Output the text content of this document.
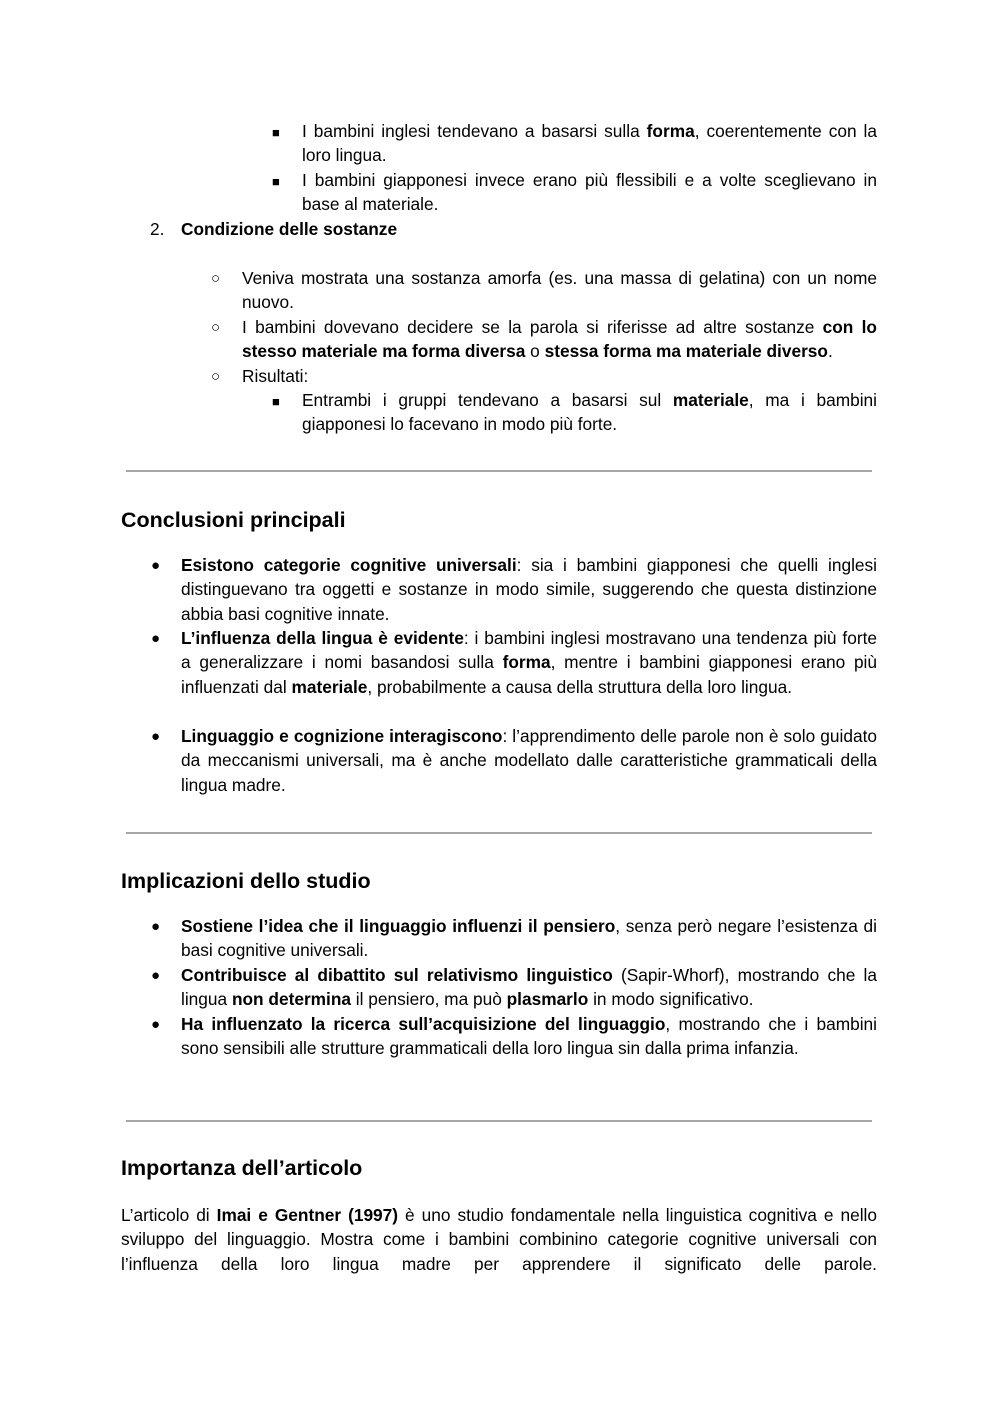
■ I bambini inglesi tendevano a basarsi sulla forma, coerentemente con la loro lingua.
■ I bambini giapponesi invece erano più flessibili e a volte sceglievano in base al materiale.
2. Condizione delle sostanze
○ Veniva mostrata una sostanza amorfa (es. una massa di gelatina) con un nome nuovo.
○ I bambini dovevano decidere se la parola si riferisse ad altre sostanze con lo stesso materiale ma forma diversa o stessa forma ma materiale diverso.
○ Risultati:
■ Entrambi i gruppi tendevano a basarsi sul materiale, ma i bambini giapponesi lo facevano in modo più forte.
Conclusioni principali
● Esistono categorie cognitive universali: sia i bambini giapponesi che quelli inglesi distinguevano tra oggetti e sostanze in modo simile, suggerendo che questa distinzione abbia basi cognitive innate.
● L’influenza della lingua è evidente: i bambini inglesi mostravano una tendenza più forte a generalizzare i nomi basandosi sulla forma, mentre i bambini giapponesi erano più influenzati dal materiale, probabilmente a causa della struttura della loro lingua.
● Linguaggio e cognizione interagiscono: l’apprendimento delle parole non è solo guidato da meccanismi universali, ma è anche modellato dalle caratteristiche grammaticali della lingua madre.
Implicazioni dello studio
● Sostiene l’idea che il linguaggio influenzi il pensiero, senza però negare l’esistenza di basi cognitive universali.
● Contribuisce al dibattito sul relativismo linguistico (Sapir-Whorf), mostrando che la lingua non determina il pensiero, ma può plasmarlo in modo significativo.
● Ha influenzato la ricerca sull’acquisizione del linguaggio, mostrando che i bambini sono sensibili alle strutture grammaticali della loro lingua sin dalla prima infanzia.
Importanza dell’articolo
L’articolo di Imai e Gentner (1997) è uno studio fondamentale nella linguistica cognitiva e nello sviluppo del linguaggio. Mostra come i bambini combinino categorie cognitive universali con l’influenza della loro lingua madre per apprendere il significato delle parole.
